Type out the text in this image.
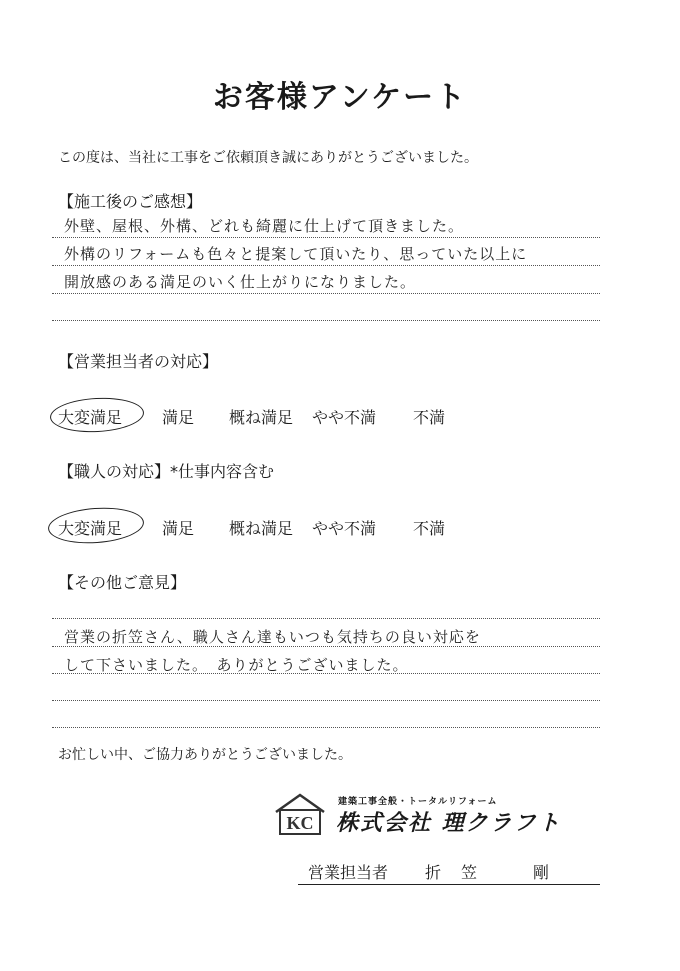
お客様アンケート
この度は、当社に工事をご依頼頂き誠にありがとうございました。
【施工後のご感想】
外壁、屋根、外構、どれも綺麗に仕上げて頂きました。
外構のリフォームも色々と提案して頂いたり、思っていた以上に
開放感のある満足のいく仕上がりになりました。
【営業担当者の対応】
大変満足 満足 概ね満足 やや不満 不満
【職人の対応】*仕事内容含む
大変満足 満足 概ね満足 やや不満 不満
【その他ご意見】
営業の折笠さん、職人さん達もいつも気持ちの良い対応を
して下さいました。　ありがとうございました。
お忙しい中、ご協力ありがとうございました。
KC
建築工事全般・トータルリフォーム
株式会社 理クラフト
営業担当者 折笠　剛
